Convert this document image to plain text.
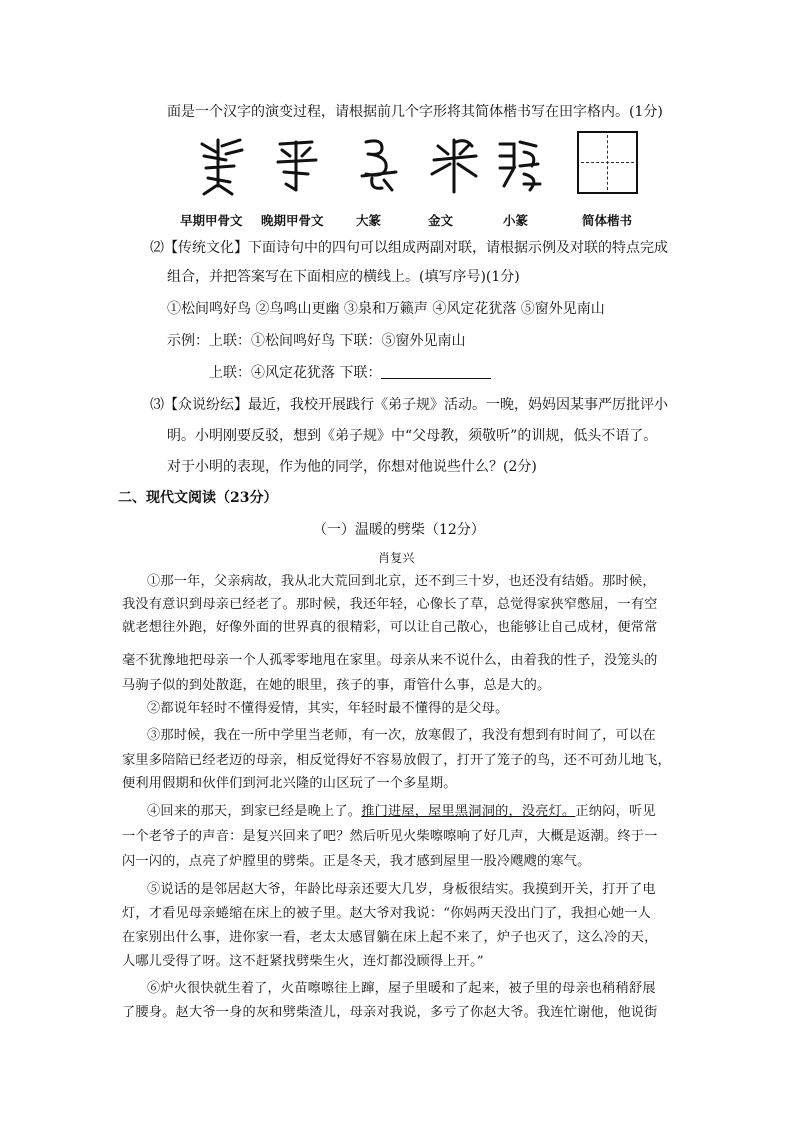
面是一个汉字的演变过程，请根据前几个字形将其简体楷书写在田字格内。(1分)
早期甲骨文 晚期甲骨文	大篆	金文	小篆	简体楷书
⑵【传统文化】下面诗句中的四句可以组成两副对联，请根据示例及对联的特点完成
组合，并把答案写在下面相应的横线上。(填写序号)(1分)
①松间鸣好鸟 ②鸟鸣山更幽 ③泉和万籁声 ④风定花犹落 ⑤窗外见南山
示例：上联：①松间鸣好鸟 下联：⑤窗外见南山
上联：④风定花犹落 下联：
⑶【众说纷纭】最近，我校开展践行《弟子规》活动。一晚，妈妈因某事严厉批评小
明。小明刚要反驳，想到《弟子规》中“父母教，须敬听”的训规，低头不语了。
对于小明的表现，作为他的同学，你想对他说些什么？(2分)
二、现代文阅读（23分）
（一）温暖的劈柴（12分）
肖复兴
①那一年，父亲病故，我从北大荒回到北京，还不到三十岁，也还没有结婚。那时候，
我没有意识到母亲已经老了。那时候，我还年轻，心像长了草，总觉得家狭窄憋屈，一有空
就老想往外跑，好像外面的世界真的很精彩，可以让自己散心，也能够让自己成材，便常常
毫不犹豫地把母亲一个人孤零零地甩在家里。母亲从来不说什么，由着我的性子，没笼头的
马驹子似的到处散逛，在她的眼里，孩子的事，甭管什么事，总是大的。
②都说年轻时不懂得爱情，其实，年轻时最不懂得的是父母。
③那时候，我在一所中学里当老师，有一次，放寒假了，我没有想到有时间了，可以在
家里多陪陪已经老迈的母亲，相反觉得好不容易放假了，打开了笼子的鸟，还不可劲儿地飞，
便利用假期和伙伴们到河北兴隆的山区玩了一个多星期。
④回来的那天，到家已经是晚上了。推门进屋，屋里黑洞洞的，没亮灯。正纳闷，听见
一个老爷子的声音：是复兴回来了吧？然后听见火柴嚓嚓响了好几声，大概是返潮。终于一
闪一闪的，点亮了炉膛里的劈柴。正是冬天，我才感到屋里一股冷飕飕的寒气。
⑤说话的是邻居赵大爷，年龄比母亲还要大几岁，身板很结实。我摸到开关，打开了电
灯，才看见母亲蜷缩在床上的被子里。赵大爷对我说：“你妈两天没出门了，我担心她一人
在家别出什么事，进你家一看，老太太感冒躺在床上起不来了，炉子也灭了，这么冷的天，
人哪儿受得了呀。这不赶紧找劈柴生火，连灯都没顾得上开。”
⑥炉火很快就生着了，火苗嚓嚓往上蹿，屋子里暖和了起来，被子里的母亲也稍稍舒展
了腰身。赵大爷一身的灰和劈柴渣儿，母亲对我说，多亏了你赵大爷。我连忙谢他，他说街
